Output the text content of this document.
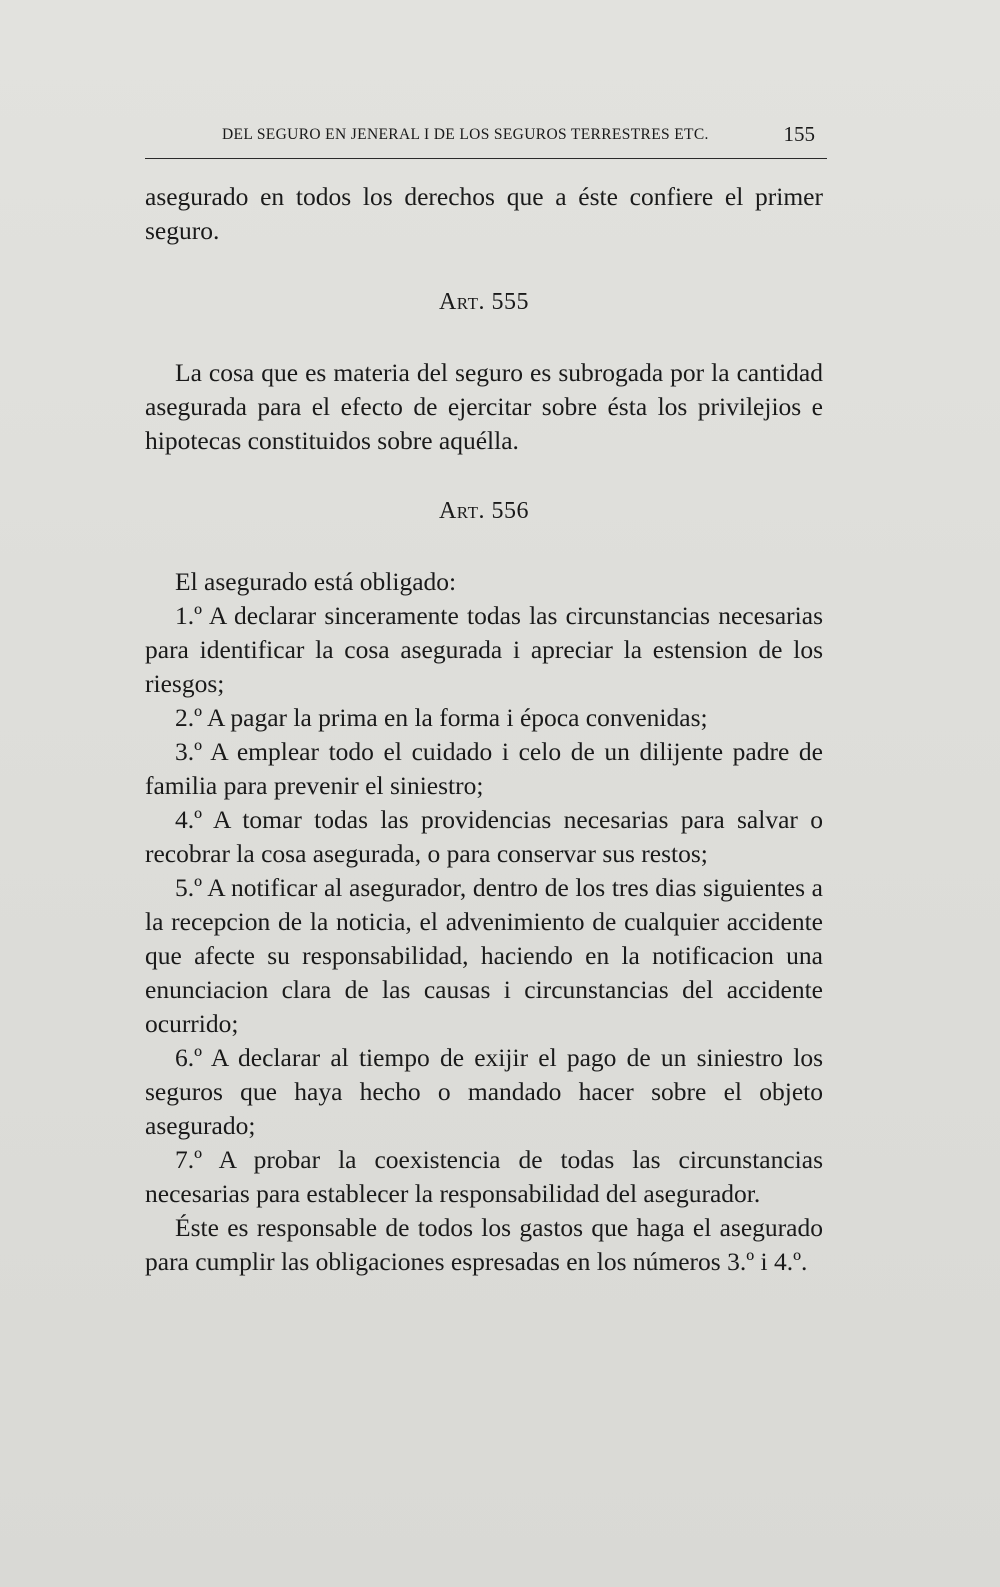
DEL SEGURO EN JENERAL I DE LOS SEGUROS TERRESTRES ETC.	155

asegurado en todos los derechos que a éste confiere el primer seguro.

Art. 555

La cosa que es materia del seguro es subrogada por la cantidad asegurada para el efecto de ejercitar sobre ésta los privilejios e hipotecas constituidos sobre aquélla.

Art. 556

El asegurado está obligado:

1.º A declarar sinceramente todas las circunstancias necesarias para identificar la cosa asegurada i apreciar la estension de los riesgos;

2.º A pagar la prima en la forma i época convenidas;

3.º A emplear todo el cuidado i celo de un dilijente padre de familia para prevenir el siniestro;

4.º A tomar todas las providencias necesarias para salvar o recobrar la cosa asegurada, o para conservar sus restos;

5.º A notificar al asegurador, dentro de los tres dias siguientes a la recepcion de la noticia, el advenimiento de cualquier accidente que afecte su responsabilidad, haciendo en la notificacion una enunciacion clara de las causas i circunstancias del accidente ocurrido;

6.º A declarar al tiempo de exijir el pago de un siniestro los seguros que haya hecho o mandado hacer sobre el objeto asegurado;

7.º A probar la coexistencia de todas las circunstancias necesarias para establecer la responsabilidad del asegurador.

Éste es responsable de todos los gastos que haga el asegurado para cumplir las obligaciones espresadas en los números 3.º i 4.º.
